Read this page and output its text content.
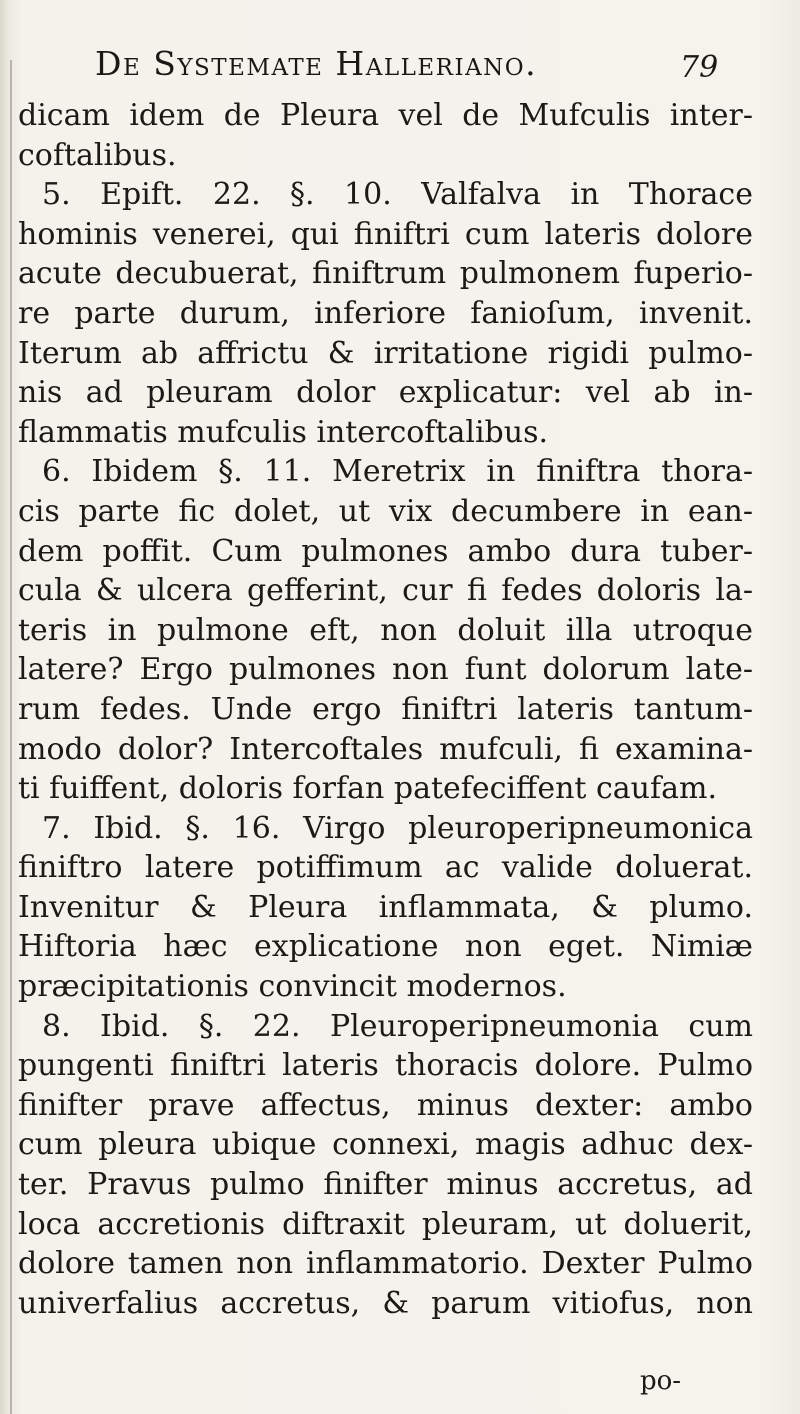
De Systemate Halleriano.	79
dicam idem de Pleura vel de Mufculis inter-
coftalibus.
5. Epift. 22. §. 10. Valfalva in Thorace
hominis venerei, qui finiftri cum lateris dolore
acute decubuerat, finiftrum pulmonem fuperio-
re parte durum, inferiore fanioſum, invenit.
Iterum ab affrictu & irritatione rigidi pulmo-
nis ad pleuram dolor explicatur: vel ab in-
flammatis mufculis intercoftalibus.
6. Ibidem §. 11. Meretrix in finiftra thora-
cis parte fic dolet, ut vix decumbere in ean-
dem poffit. Cum pulmones ambo dura tuber-
cula & ulcera gefferint, cur fi fedes doloris la-
teris in pulmone eft, non doluit illa utroque
latere? Ergo pulmones non funt dolorum late-
rum fedes. Unde ergo finiftri lateris tantum-
modo dolor? Intercoftales mufculi, fi examina-
ti fuiffent, doloris forfan patefeciffent caufam.
7. Ibid. §. 16. Virgo pleuroperipneumonica
finiftro latere potiffimum ac valide doluerat.
Invenitur & Pleura inflammata, & plumo.
Hiftoria hæc explicatione non eget. Nimiæ
præcipitationis convincit modernos.
8. Ibid. §. 22. Pleuroperipneumonia cum
pungenti finiftri lateris thoracis dolore. Pulmo
finifter prave affectus, minus dexter: ambo
cum pleura ubique connexi, magis adhuc dex-
ter. Pravus pulmo finifter minus accretus, ad
loca accretionis diftraxit pleuram, ut doluerit,
dolore tamen non inflammatorio. Dexter Pulmo
univerfalius accretus, & parum vitiofus, non
po-
